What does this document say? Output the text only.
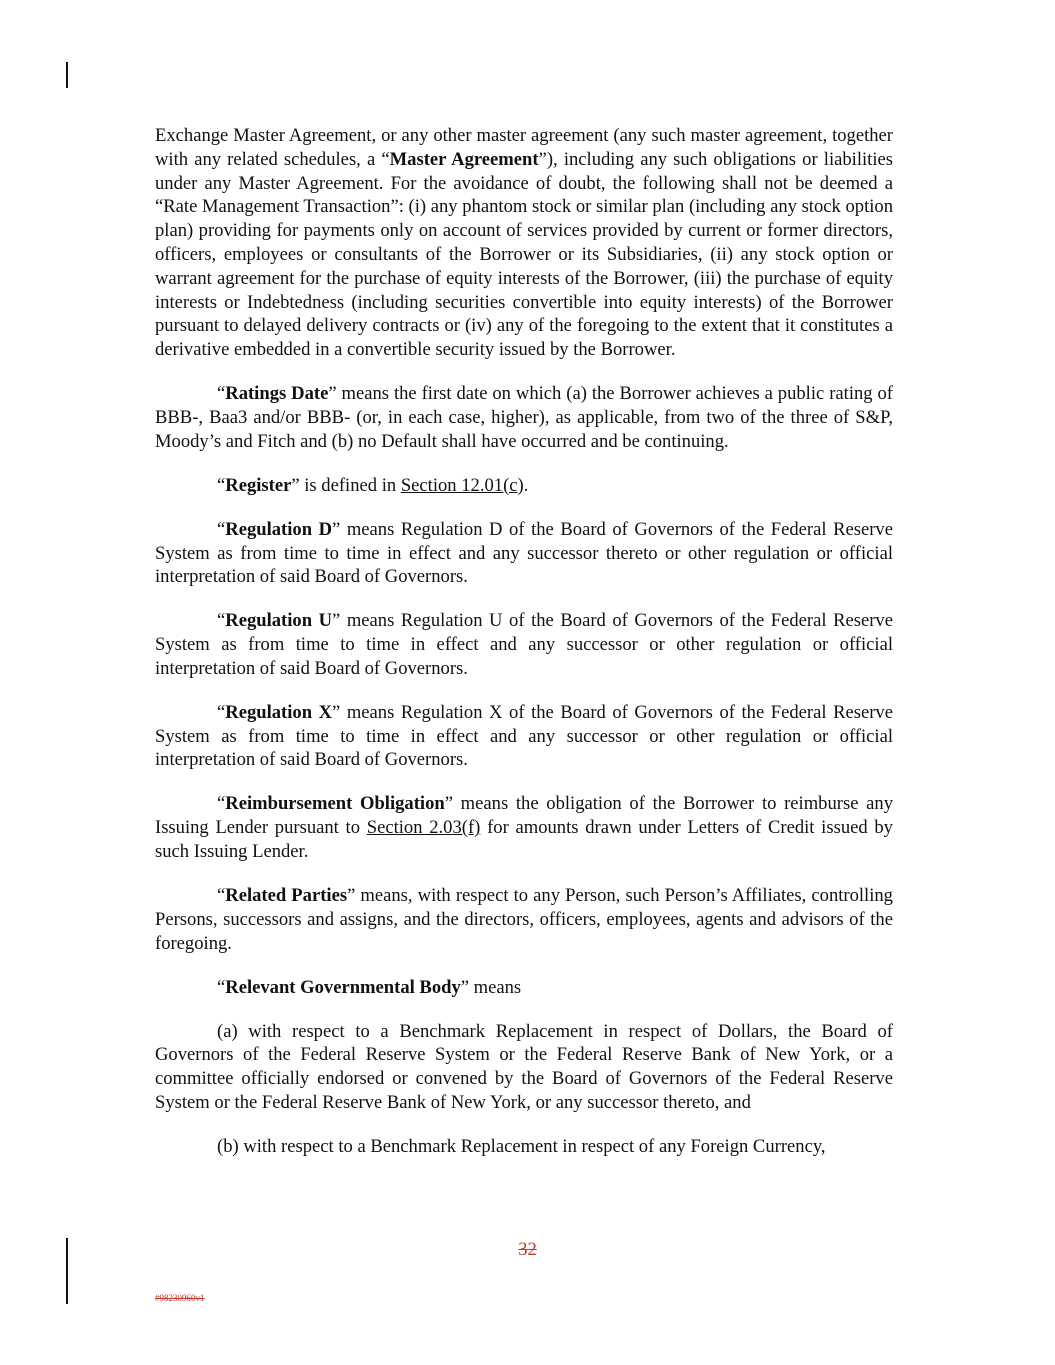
Exchange Master Agreement, or any other master agreement (any such master agreement, together with any related schedules, a “Master Agreement”), including any such obligations or liabilities under any Master Agreement. For the avoidance of doubt, the following shall not be deemed a “Rate Management Transaction”: (i) any phantom stock or similar plan (including any stock option plan) providing for payments only on account of services provided by current or former directors, officers, employees or consultants of the Borrower or its Subsidiaries, (ii) any stock option or warrant agreement for the purchase of equity interests of the Borrower, (iii) the purchase of equity interests or Indebtedness (including securities convertible into equity interests) of the Borrower pursuant to delayed delivery contracts or (iv) any of the foregoing to the extent that it constitutes a derivative embedded in a convertible security issued by the Borrower.

“Ratings Date” means the first date on which (a) the Borrower achieves a public rating of BBB-, Baa3 and/or BBB- (or, in each case, higher), as applicable, from two of the three of S&P, Moody’s and Fitch and (b) no Default shall have occurred and be continuing.

“Register” is defined in Section 12.01(c).

“Regulation D” means Regulation D of the Board of Governors of the Federal Reserve System as from time to time in effect and any successor thereto or other regulation or official interpretation of said Board of Governors.

“Regulation U” means Regulation U of the Board of Governors of the Federal Reserve System as from time to time in effect and any successor or other regulation or official interpretation of said Board of Governors.

“Regulation X” means Regulation X of the Board of Governors of the Federal Reserve System as from time to time in effect and any successor or other regulation or official interpretation of said Board of Governors.

“Reimbursement Obligation” means the obligation of the Borrower to reimburse any Issuing Lender pursuant to Section 2.03(f) for amounts drawn under Letters of Credit issued by such Issuing Lender.

“Related Parties” means, with respect to any Person, such Person’s Affiliates, controlling Persons, successors and assigns, and the directors, officers, employees, agents and advisors of the foregoing.

“Relevant Governmental Body” means

(a) with respect to a Benchmark Replacement in respect of Dollars, the Board of Governors of the Federal Reserve System or the Federal Reserve Bank of New York, or a committee officially endorsed or convened by the Board of Governors of the Federal Reserve System or the Federal Reserve Bank of New York, or any successor thereto, and

(b) with respect to a Benchmark Replacement in respect of any Foreign Currency,

32
#98230960v1
